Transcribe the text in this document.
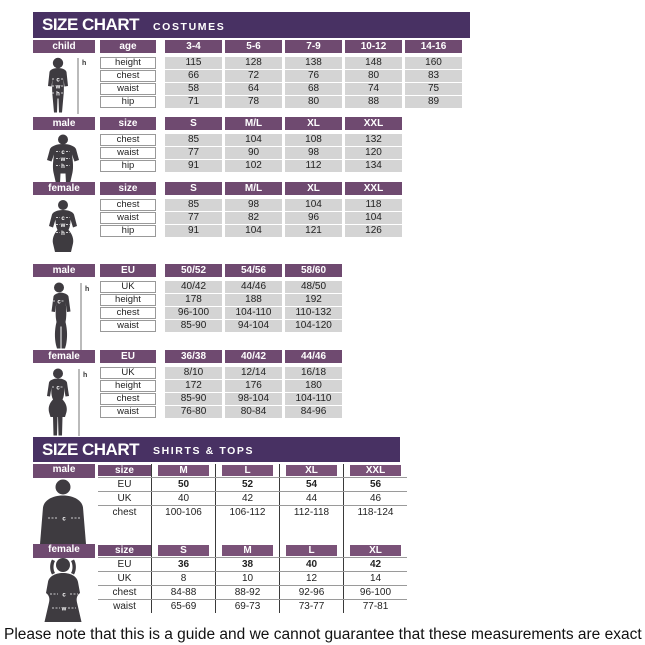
SIZE CHART COSTUMES
child	age	3-4	5-6	7-9	10-12	14-16
height	115	128	138	148	160
chest	66	72	76	80	83
waist	58	64	68	74	75
hip	71	78	80	88	89
h
c
w
h
male	size	S	M/L	XL	XXL
chest	85	104	108	132
waist	77	90	98	120
hip	91	102	112	134
c
w
h
female	size	S	M/L	XL	XXL
chest	85	98	104	118
waist	77	82	96	104
hip	91	104	121	126
c
w
h
male	EU	50/52	54/56	58/60
UK	40/42	44/46	48/50
height	178	188	192
chest	96-100	104-110	110-132
waist	85-90	94-104	104-120
h
c
female	EU	36/38	40/42	44/46
UK	8/10	12/14	16/18
height	172	176	180
chest	85-90	98-104	104-110
waist	76-80	80-84	84-96
h
c
SIZE CHART SHIRTS & TOPS
male	size	M	L	XL	XXL
EU	50	52	54	56
UK	40	42	44	46
chest	100-106	106-112	112-118	118-124
female	size	S	M	L	XL
EU	36	38	40	42
UK	8	10	12	14
chest	84-88	88-92	92-96	96-100
waist	65-69	69-73	73-77	77-81
c
c
w

Please note that this is a guide and we cannot guarantee that these measurements are exact
